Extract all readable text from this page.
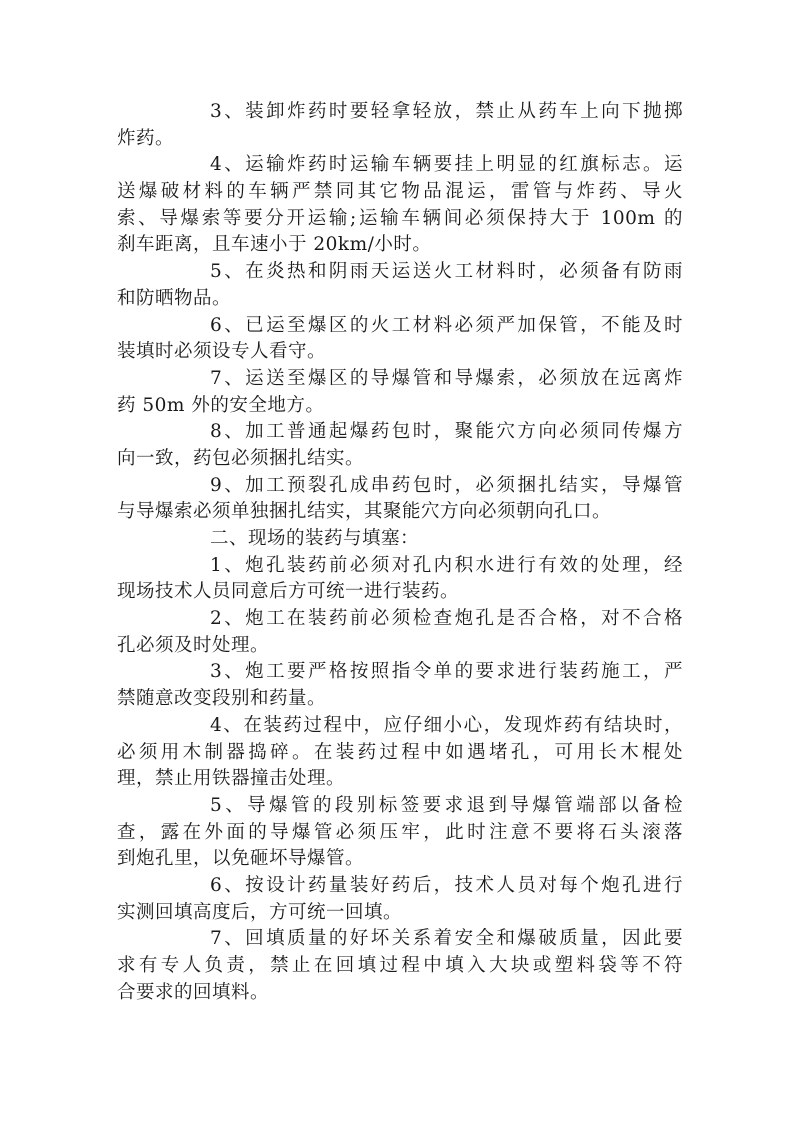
3、装卸炸药时要轻拿轻放，禁止从药车上向下抛掷
炸药。
4、运输炸药时运输车辆要挂上明显的红旗标志。运
送爆破材料的车辆严禁同其它物品混运，雷管与炸药、导火
索、导爆索等要分开运输;运输车辆间必须保持大于 100m 的
刹车距离，且车速小于 20km/小时。
5、在炎热和阴雨天运送火工材料时，必须备有防雨
和防晒物品。
6、已运至爆区的火工材料必须严加保管，不能及时
装填时必须设专人看守。
7、运送至爆区的导爆管和导爆索，必须放在远离炸
药 50m 外的安全地方。
8、加工普通起爆药包时，聚能穴方向必须同传爆方
向一致，药包必须捆扎结实。
9、加工预裂孔成串药包时，必须捆扎结实，导爆管
与导爆索必须单独捆扎结实，其聚能穴方向必须朝向孔口。
二、现场的装药与填塞：
1、炮孔装药前必须对孔内积水进行有效的处理，经
现场技术人员同意后方可统一进行装药。
2、炮工在装药前必须检查炮孔是否合格，对不合格
孔必须及时处理。
3、炮工要严格按照指令单的要求进行装药施工，严
禁随意改变段别和药量。
4、在装药过程中，应仔细小心，发现炸药有结块时，
必须用木制器捣碎。在装药过程中如遇堵孔，可用长木棍处
理，禁止用铁器撞击处理。
5、导爆管的段别标签要求退到导爆管端部以备检
查，露在外面的导爆管必须压牢，此时注意不要将石头滚落
到炮孔里，以免砸坏导爆管。
6、按设计药量装好药后，技术人员对每个炮孔进行
实测回填高度后，方可统一回填。
7、回填质量的好坏关系着安全和爆破质量，因此要
求有专人负责，禁止在回填过程中填入大块或塑料袋等不符
合要求的回填料。
